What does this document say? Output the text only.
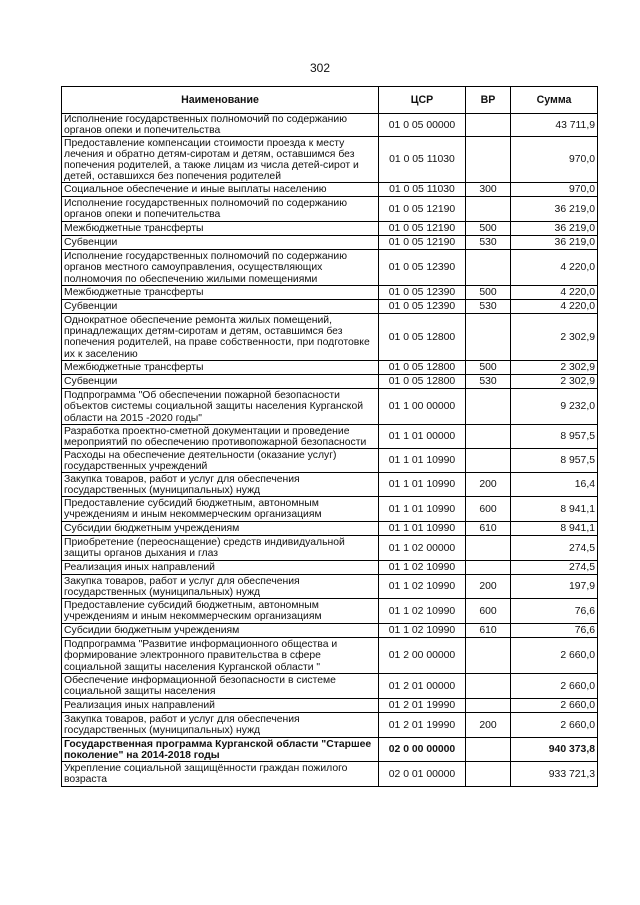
302
Наименование	ЦСР	ВР	Сумма
Исполнение государственных полномочий по содержанию органов опеки и попечительства	01 0 05 00000		43 711,9
Предоставление компенсации стоимости проезда к месту лечения и обратно детям-сиротам и детям, оставшимся без попечения родителей, а также лицам из числа детей-сирот и детей, оставшихся без попечения родителей	01 0 05 11030		970,0
Социальное обеспечение и иные выплаты населению	01 0 05 11030	300	970,0
Исполнение государственных полномочий по содержанию органов опеки и попечительства	01 0 05 12190		36 219,0
Межбюджетные трансферты	01 0 05 12190	500	36 219,0
Субвенции	01 0 05 12190	530	36 219,0
Исполнение государственных полномочий по содержанию органов местного самоуправления, осуществляющих полномочия по обеспечению жилыми помещениями	01 0 05 12390		4 220,0
Межбюджетные трансферты	01 0 05 12390	500	4 220,0
Субвенции	01 0 05 12390	530	4 220,0
Однократное обеспечение ремонта жилых помещений, принадлежащих детям-сиротам и детям, оставшимся без попечения родителей, на праве собственности, при подготовке их к заселению	01 0 05 12800		2 302,9
Межбюджетные трансферты	01 0 05 12800	500	2 302,9
Субвенции	01 0 05 12800	530	2 302,9
Подпрограмма "Об обеспечении пожарной безопасности объектов системы социальной защиты населения Курганской области на 2015 -2020 годы"	01 1 00 00000		9 232,0
Разработка проектно-сметной документации и проведение мероприятий по обеспечению противопожарной безопасности	01 1 01 00000		8 957,5
Расходы на обеспечение деятельности (оказание услуг) государственных учреждений	01 1 01 10990		8 957,5
Закупка товаров, работ и услуг для обеспечения государственных (муниципальных) нужд	01 1 01 10990	200	16,4
Предоставление субсидий бюджетным, автономным учреждениям и иным некоммерческим организациям	01 1 01 10990	600	8 941,1
Субсидии бюджетным учреждениям	01 1 01 10990	610	8 941,1
Приобретение (переоснащение) средств индивидуальной защиты органов дыхания и глаз	01 1 02 00000		274,5
Реализация иных направлений	01 1 02 10990		274,5
Закупка товаров, работ и услуг для обеспечения государственных (муниципальных) нужд	01 1 02 10990	200	197,9
Предоставление субсидий бюджетным, автономным учреждениям и иным некоммерческим организациям	01 1 02 10990	600	76,6
Субсидии бюджетным учреждениям	01 1 02 10990	610	76,6
Подпрограмма "Развитие информационного общества и формирование электронного правительства в сфере социальной защиты населения Курганской области "	01 2 00 00000		2 660,0
Обеспечение информационной безопасности в системе социальной защиты населения	01 2 01 00000		2 660,0
Реализация иных направлений	01 2 01 19990		2 660,0
Закупка товаров, работ и услуг для обеспечения государственных (муниципальных) нужд	01 2 01 19990	200	2 660,0
Государственная программа Курганской области "Старшее поколение" на 2014-2018 годы	02 0 00 00000		940 373,8
Укрепление социальной защищённости граждан пожилого возраста	02 0 01 00000		933 721,3
